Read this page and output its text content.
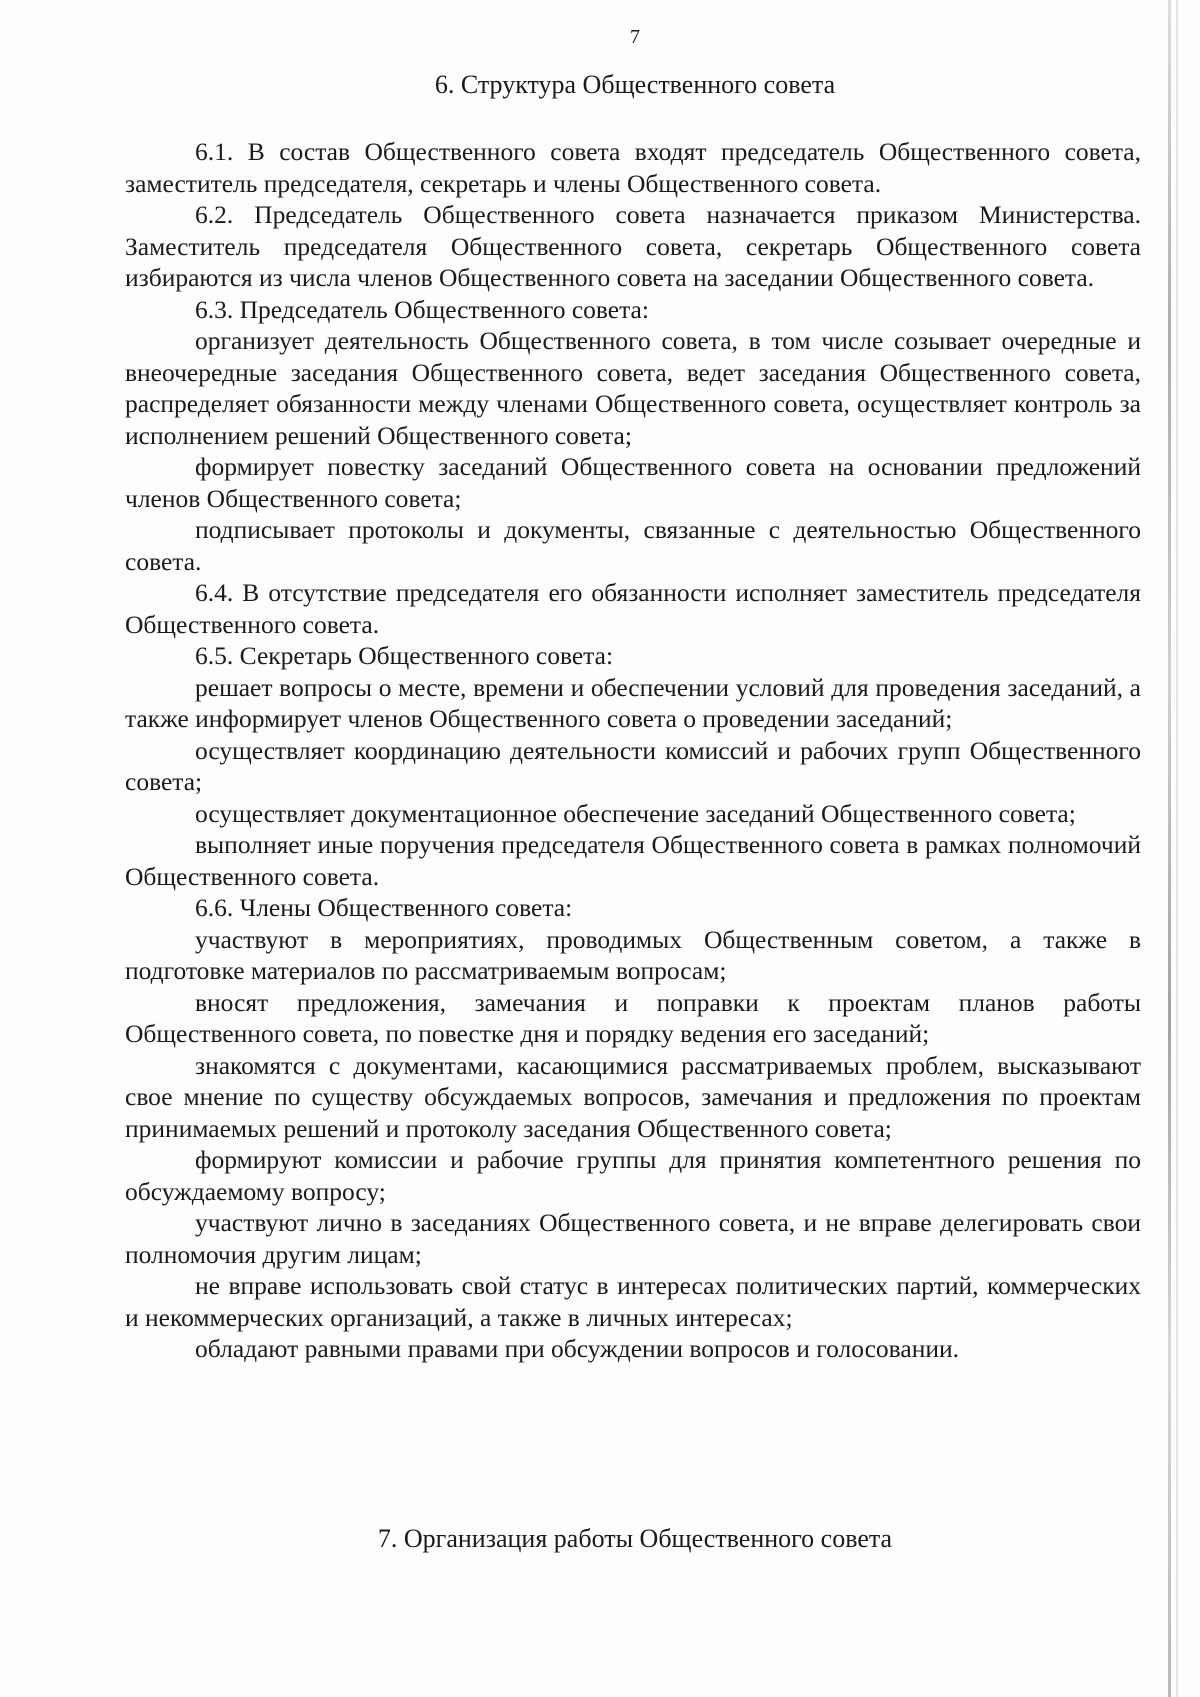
7
6. Структура Общественного совета

6.1. В состав Общественного совета входят председатель Общественного совета, заместитель председателя, секретарь и члены Общественного совета.

6.2. Председатель Общественного совета назначается приказом Министерства. Заместитель председателя Общественного совета, секретарь Общественного совета избираются из числа членов Общественного совета на заседании Общественного совета.

6.3. Председатель Общественного совета:

организует деятельность Общественного совета, в том числе созывает очередные и внеочередные заседания Общественного совета, ведет заседания Общественного совета, распределяет обязанности между членами Общественного совета, осуществляет контроль за исполнением решений Общественного совета;

формирует повестку заседаний Общественного совета на основании предложений членов Общественного совета;

подписывает протоколы и документы, связанные с деятельностью Общественного совета.

6.4. В отсутствие председателя его обязанности исполняет заместитель председателя Общественного совета.

6.5. Секретарь Общественного совета:

решает вопросы о месте, времени и обеспечении условий для проведения заседаний, а также информирует членов Общественного совета о проведении заседаний;

осуществляет координацию деятельности комиссий и рабочих групп Общественного совета;

осуществляет документационное обеспечение заседаний Общественного совета;

выполняет иные поручения председателя Общественного совета в рамках полномочий Общественного совета.

6.6. Члены Общественного совета:

участвуют в мероприятиях, проводимых Общественным советом, а также в подготовке материалов по рассматриваемым вопросам;

вносят предложения, замечания и поправки к проектам планов работы Общественного совета, по повестке дня и порядку ведения его заседаний;

знакомятся с документами, касающимися рассматриваемых проблем, высказывают свое мнение по существу обсуждаемых вопросов, замечания и предложения по проектам принимаемых решений и протоколу заседания Общественного совета;

формируют комиссии и рабочие группы для принятия компетентного решения по обсуждаемому вопросу;

участвуют лично в заседаниях Общественного совета, и не вправе делегировать свои полномочия другим лицам;

не вправе использовать свой статус в интересах политических партий, коммерческих и некоммерческих организаций, а также в личных интересах;

обладают равными правами при обсуждении вопросов и голосовании.

7. Организация работы Общественного совета
